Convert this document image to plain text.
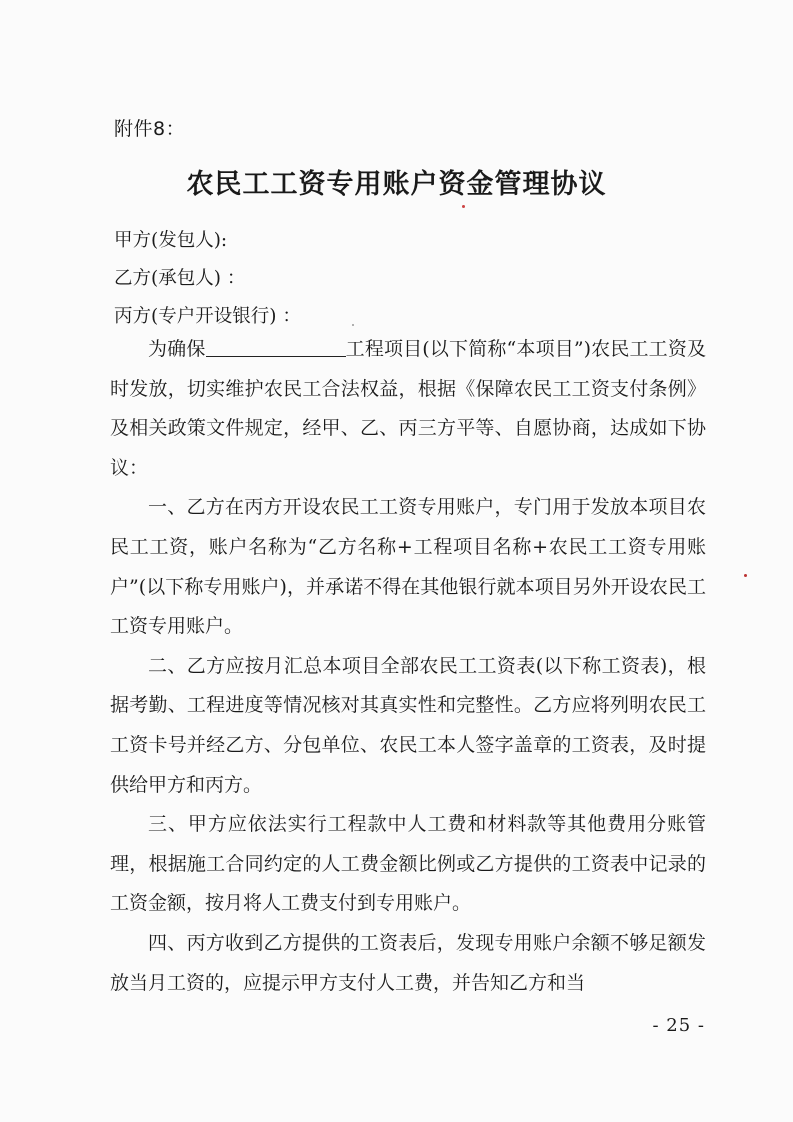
附件8：
农民工工资专用账户资金管理协议
甲方(发包人):
乙方(承包人) ：
丙方(专户开设银行) ：

为确保	工程项目(以下简称“本项目”)农民工工资及时发放，切实维护农民工合法权益，根据《保障农民工工资支付条例》及相关政策文件规定，经甲、乙、丙三方平等、自愿协商，达成如下协议：

一、乙方在丙方开设农民工工资专用账户，专门用于发放本项目农民工工资，账户名称为“乙方名称+工程项目名称+农民工工资专用账户”(以下称专用账户)，并承诺不得在其他银行就本项目另外开设农民工工资专用账户。

二、乙方应按月汇总本项目全部农民工工资表(以下称工资表)，根据考勤、工程进度等情况核对其真实性和完整性。乙方应将列明农民工工资卡号并经乙方、分包单位、农民工本人签字盖章的工资表，及时提供给甲方和丙方。

三、甲方应依法实行工程款中人工费和材料款等其他费用分账管理，根据施工合同约定的人工费金额比例或乙方提供的工资表中记录的工资金额，按月将人工费支付到专用账户。

四、丙方收到乙方提供的工资表后，发现专用账户余额不够足额发放当月工资的，应提示甲方支付人工费，并告知乙方和当

- 25 -
